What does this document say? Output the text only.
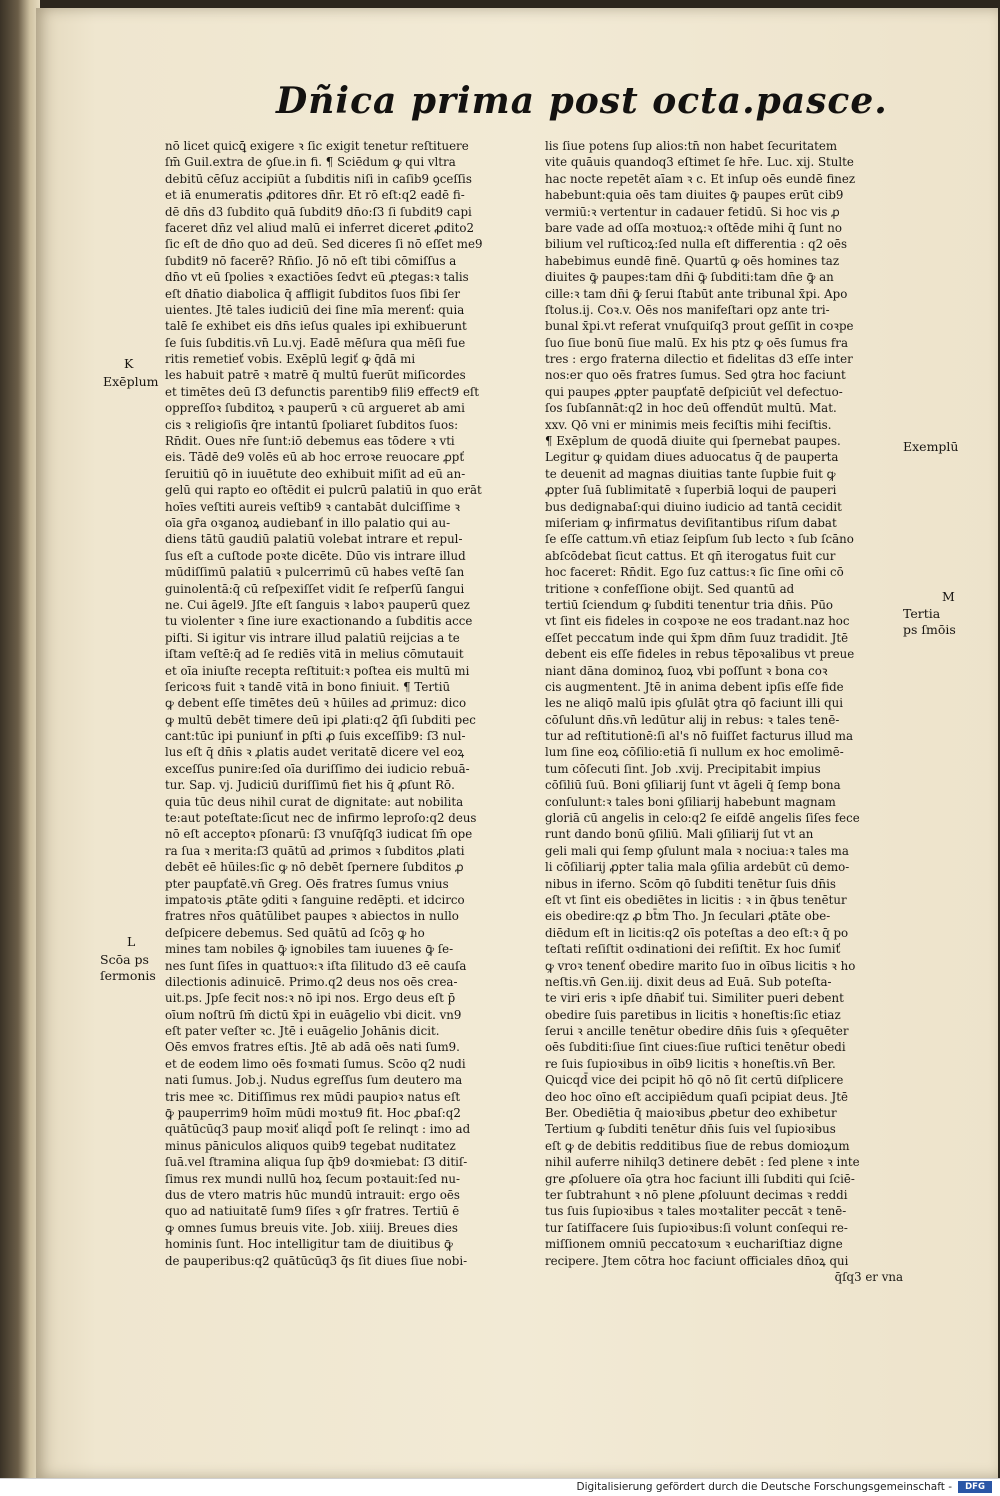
Dñica prima post octa.pasce.
nō licet quicꝗ̄ exigere ꝛ ſic exigit tenetur reſtituere
ſm̄ Guil.extra de ꝯſue.in fi. ¶ Sciēdum ꝙ qui vltra
debitū cēſuz accipiūt a ſubditis niſi in caſib9 ꝯceſſis
et iā enumeratis ꝓditores dn̄r. Et rō eſt:q2 eadē fi-
dē dn̄s d3 ſubdito quā ſubdit9 dn̄o:ſ3 ſi ſubdit9 capi
faceret dn̄z vel aliud malū ei inferret diceret ꝓdito2
ſic eſt de dn̄o quo ad deū. Sed diceres ſi nō eſſet me9
ſubdit9 nō facerē? Rn̄ſio. Jō nō eſt tibi cōmiſſus a
dn̄o vt eū ſpolies ꝛ exactiōes ſedvt eū ꝓtegas:ꝛ talis
eſt dn̄atio diabolica q̄ affligit ſubditos ſuos ſibi ſer
uientes. Jtē tales iudiciū dei ſine mīa merenť: quia
talē ſe exhibet eis dn̄s ieſus quales ipi exhibuerunt
ſe ſuis ſubditis.vn̄ Lu.vj. Eadē mēſura qua mēſi fue
ritis remetieť vobis. Exēplū legiť ꝙ q̄dā mi
les habuit patrē ꝛ matrē q̄ multū fuerūt miſicordes
et timētes deū ſ3 defunctis parentib9 fili9 effect9 eſt
oppreſſoꝛ ſubditoꝝ ꝛ pauperū ꝛ cū argueret ab ami
cis ꝛ religioſis q̄re intantū ſpoliaret ſubditos ſuos:
Rn̄dit. Oues nr̄e ſunt:iō debemus eas tōdere ꝛ vti
eis. Tādē de9 volēs eū ab hoc erroꝛe reuocare ꝓpť
ſeruitiū qō in iuuētute deo exhibuit miſit ad eū an-
gelū qui rapto eo oſtēdit ei pulcrū palatiū in quo erāt
hoīes veſtiti aureis veſtib9 ꝛ cantabāt dulciſſime ꝛ
oīa gr̄a oꝛganoꝝ audiebanť in illo palatio qui au-
diens tātū gaudiū palatiū volebat intrare et repul-
ſus eſt a cuſtode poꝛte dicēte. Dūo vis intrare illud
mūdiſſimū palatiū ꝛ pulcerrimū cū habes veſtē ſan
guinolentā:q̄ cū reſpexiſſet vidit ſe reſperſū ſangui
ne. Cui āgel9. Jſte eſt ſanguis ꝛ laboꝛ pauperū quez
tu violenter ꝛ ſine iure exactionando a ſubditis acce
piſti. Si igitur vis intrare illud palatiū reijcias a te
iſtam veſtē:q̄ ad ſe rediēs vitā in melius cōmutauit
et oīa iniuſte recepta reſtituit:ꝛ poſtea eis multū mi
ſericoꝛs fuit ꝛ tandē vitā in bono finiuit. ¶ Tertiū
ꝙ debent eſſe timētes deū ꝛ hūiles ad ꝓrimuz: dico
ꝙ multū debēt timere deū ipi ꝓlati:q2 q̄ſi ſubditi pec
cant:tūc ipi puniunť in ꝑſti ꝓ ſuis exceſſib9: ſ3 nul-
lus eſt q̄ dn̄is ꝛ ꝓlatis audet veritatē dicere vel eoꝝ
exceſſus punire:ſed oīa duriſſimo dei iudicio rebuā-
tur. Sap. vj. Judiciū duriſſimū fiet his q̄ ꝓſunt Rō.
quia tūc deus nihil curat de dignitate: aut nobilita
te:aut poteſtate:ſicut nec de infirmo leproſo:q2 deus
nō eſt acceptoꝛ pſonarū: ſ3 vnuſq̄ſq3 iudicat ſm̄ ope
ra ſua ꝛ merita:ſ3 quātū ad ꝓrimos ꝛ ſubditos ꝓlati
debēt eē hūiles:ſic ꝙ nō debēt ſpernere ſubditos ꝓ
pter paupťatē.vn̄ Greg. Oēs fratres ſumus vnius
impatoꝛis ꝓtāte ꝯditi ꝛ ſanguine redēpti. et idcirco
fratres nr̄os quātūlibet paupes ꝛ abiectos in nullo
deſpicere debemus. Sed quātū ad ſcōꝫ ꝙ ho
mines tam nobiles ꝙ̄ ignobiles tam iuuenes ꝙ̄ ſe-
nes ſunt ſiſes in quattuoꝛ:ꝛ iſta ſilitudo d3 eē cauſa
dilectionis adinuicē. Primo.q2 deus nos oēs crea-
uit.ps. Jpſe fecit nos:ꝛ nō ipi nos. Ergo deus eſt p̄
oīum noſtrū ſm̄ dictū x̄pi in euāgelio vbi dicit. vn9
eſt pater veſter ꝛc. Jtē i euāgelio Johānis dicit.
Oēs emvos fratres eſtis. Jtē ab adā oēs nati ſum9.
et de eodem limo oēs foꝛmati ſumus. Scōo q2 nudi
nati ſumus. Job.j. Nudus egreſſus ſum deutero ma
tris mee ꝛc. Ditiſſimus rex mūdi paupioꝛ natus eſt
ꝙ̄ pauperrim9 hoīm mūdi moꝛtu9 fit. Hoc ꝓbaſ:q2
quātūcūq3 paup moꝛiť aliqd̄ poſt ſe relinqt : imo ad
minus pāniculos aliquos quib9 tegebat nuditatez
ſuā.vel ſtramina aliqua ſup q̄b9 doꝛmiebat: ſ3 ditiſ-
ſimus rex mundi nullū hoꝝ ſecum poꝛtauit:ſed nu-
dus de vtero matris hūc mundū intrauit: ergo oēs
quo ad natiuitatē ſum9 ſiſes ꝛ ꝯſr fratres. Tertiū ē
ꝙ omnes ſumus breuis vite. Job. xiiij. Breues dies
hominis ſunt. Hoc intelligitur tam de diuitibus ꝙ̄
de pauperibus:q2 quātūcūq3 q̄s ſit diues ſiue nobi-
lis ſiue potens ſup alios:tn̄ non habet ſecuritatem
vite quāuis quandoq3 eſtimet ſe hr̄e. Luc. xij. Stulte
hac nocte repetēt aīam ꝛ c. Et inſup oēs eundē finez
habebunt:quia oēs tam diuites ꝙ̄ paupes erūt cib9
vermiū:ꝛ vertentur in cadauer fetidū. Si hoc vis ꝓ
bare vade ad oſſa moꝛtuoꝝ:ꝛ oſtēde mihi q̄ ſunt no
bilium vel ruſticoꝝ:ſed nulla eſt differentia : q2 oēs
habebimus eundē finē. Quartū ꝙ oēs homines taz
diuites ꝙ̄ paupes:tam dn̄i ꝙ̄ ſubditi:tam dn̄e ꝙ̄ an
cille:ꝛ tam dn̄i ꝙ̄ ſerui ſtabūt ante tribunal x̄pi. Apo
ſtolus.ij. Coꝛ.v. Oēs nos manifeſtari opz ante tri-
bunal x̄pi.vt referat vnuſquiſq3 prout geſſit in coꝛpe
ſuo ſiue bonū ſiue malū. Ex his ptz ꝙ oēs ſumus fra
tres : ergo fraterna dilectio et fidelitas d3 eſſe inter
nos:er quo oēs fratres ſumus. Sed ꝯtra hoc faciunt
qui paupes ꝓpter paupťatē deſpiciūt vel defectuo-
ſos ſubſannāt:q2 in hoc deū offendūt multū. Mat.
xxv. Qō vni er minimis meis feciſtis mihi feciſtis.
¶ Exēplum de quodā diuite qui ſpernebat paupes.
Legitur ꝙ quidam diues aduocatus q̄ de pauperta
te deuenit ad magnas diuitias tante ſupbie fuit ꝙ
ꝓpter ſuā ſublimitatē ꝛ ſuperbiā loqui de pauperi
bus dedignabaſ:qui diuino iudicio ad tantā cecidit
miſeriam ꝙ infirmatus deviſitantibus riſum dabat
ſe eſſe cattum.vn̄ etiaz ſeipſum ſub lecto ꝛ ſub ſcāno
abſcōdebat ſicut cattus. Et qn̄ iterogatus fuit cur
hoc faceret: Rn̄dit. Ego ſuz cattus:ꝛ ſic ſine om̄i cō
tritione ꝛ confeſſione obijt. Sed quantū ad
tertiū ſciendum ꝙ ſubditi tenentur tria dn̄is. Pūo
vt ſint eis fideles in coꝛpoꝛe ne eos tradant.naz hoc
eſſet peccatum inde qui x̄pm dn̄m ſuuz tradidit. Jtē
debent eis eſſe fideles in rebus tēpoꝛalibus vt preue
niant dāna dominoꝝ ſuoꝝ vbi poſſunt ꝛ bona coꝛ
cis augmentent. Jtē in anima debent ipſis eſſe fide
les ne aliqō malū ipis ꝯſulāt ꝯtra qō faciunt illi qui
cōſulunt dn̄s.vn̄ ledūtur alij in rebus: ꝛ tales tenē-
tur ad reſtitutionē:ſi al's nō fuiſſet facturus illud ma
lum ſine eoꝝ cōſilio:etiā ſi nullum ex hoc emolimē-
tum cōſecuti ſint. Job .xvij. Precipitabit impius
cōſiliū ſuū. Boni ꝯſiliarij ſunt vt āgeli q̄ ſemp bona
conſulunt:ꝛ tales boni ꝯſiliarij habebunt magnam
gloriā cū angelis in celo:q2 ſe eiſdē angelis ſiſes fece
runt dando bonū ꝯſiliū. Mali ꝯſiliarij ſut vt an
geli mali qui ſemp ꝯſulunt mala ꝛ nociua:ꝛ tales ma
li cōſiliarij ꝓpter talia mala ꝯſilia ardebūt cū demo-
nibus in iferno. Scōm qō ſubditi tenētur ſuis dn̄is
eſt vt ſint eis obediētes in licitis : ꝛ in q̄bus tenētur
eis obedire:qz ꝓ bt̄m Tho. Jn ſeculari ꝓtāte obe-
diēdum eſt in licitis:q2 oīs poteſtas a deo eſt:ꝛ q̄ po
teſtati reſiſtit oꝛdinationi dei reſiſtit. Ex hoc ſumiť
ꝙ vroꝛ tenenť obedire marito ſuo in oībus licitis ꝛ ho
neſtis.vn̄ Gen.iij. dixit deus ad Euā. Sub poteſta-
te viri eris ꝛ ipſe dn̄abiť tui. Similiter pueri debent
obedire ſuis paretibus in licitis ꝛ honeſtis:ſic etiaz
ſerui ꝛ ancille tenētur obedire dn̄is ſuis ꝛ ꝯſequēter
oēs ſubditi:ſiue ſint ciues:ſiue ruſtici tenētur obedi
re ſuis ſupioꝛibus in oīb9 licitis ꝛ honeſtis.vn̄ Ber.
Quicqd̄ vice dei pcipit hō qō nō ſit certū diſplicere
deo hoc oīno eſt accipiēdum quaſi pcipiat deus. Jtē
Ber. Obediētia q̄ maioꝛibus ꝓbetur deo exhibetur
Tertium ꝙ ſubditi tenētur dn̄is ſuis vel ſupioꝛibus
eſt ꝙ de debitis redditibus ſiue de rebus domioꝝum
nihil auferre nihilq3 detinere debēt : ſed plene ꝛ inte
gre ꝓſoluere oīa ꝯtra hoc faciunt illi ſubditi qui ſciē-
ter ſubtrahunt ꝛ nō plene ꝓſoluunt decimas ꝛ reddi
tus ſuis ſupioꝛibus ꝛ tales moꝛtaliter peccāt ꝛ tenē-
tur ſatiſfacere ſuis ſupioꝛibus:ſi volunt conſequi re-
miſſionem omniū peccatoꝛum ꝛ euchariſtiaz digne
recipere. Jtem cōtra hoc faciunt officiales dn̄oꝝ qui
q̄ſq3 er vna
K
Exēplum
Exemplū
M
Tertia
ps ſmōis
L
Scōa ps
ſermonis
Digitalisierung gefördert durch die Deutsche Forschungsgemeinschaft -	DFG
